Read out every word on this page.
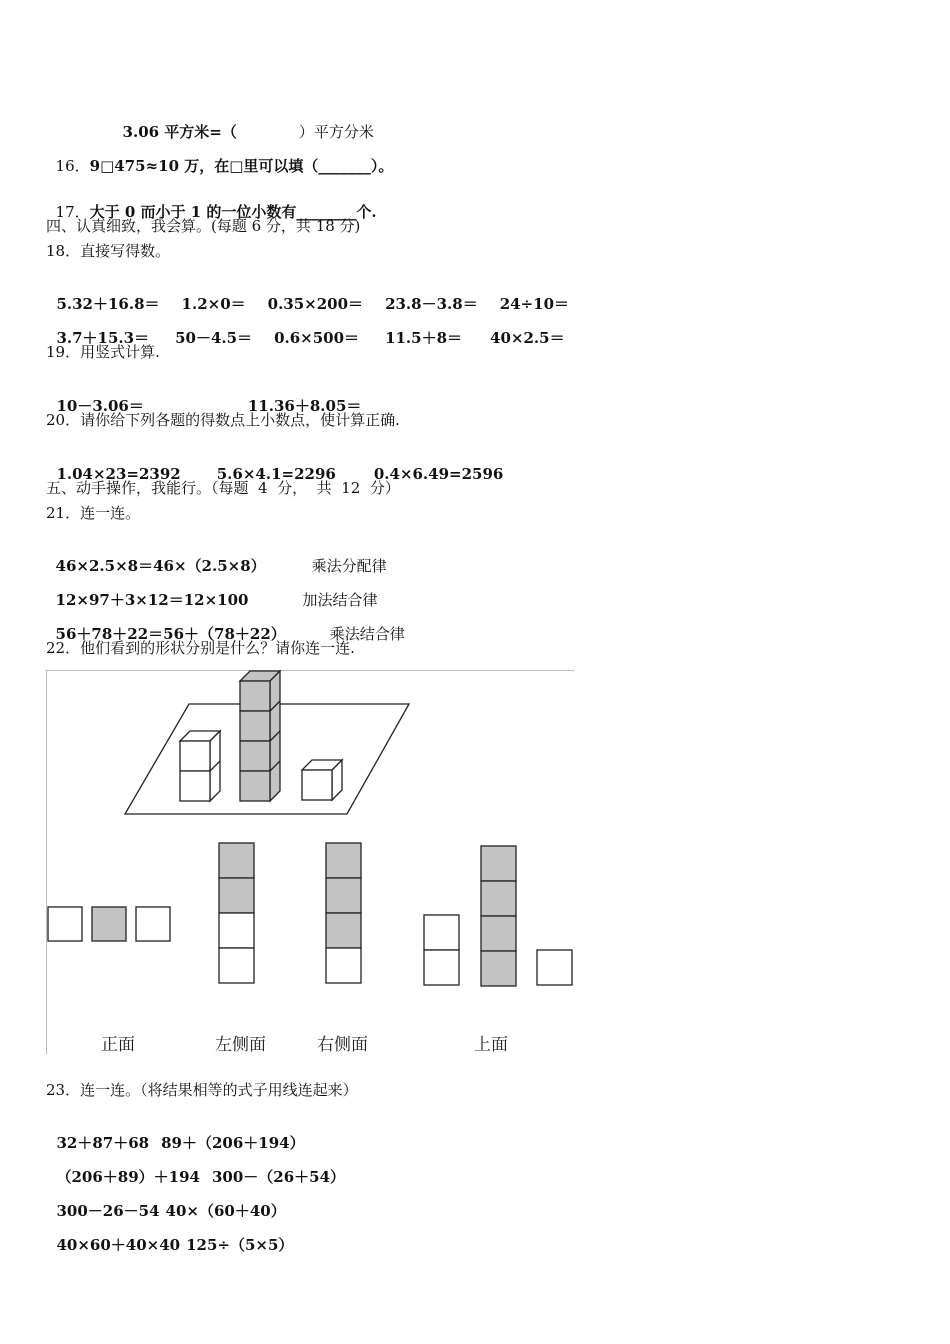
3.06 平方米=（	）平方分米

16．9□475≈10 万，在□里可以填（_______）。

17．大于 0 而小于 1 的一位小数有________个.

四、认真细致，我会算。(每题 6 分，共 18 分)
18．直接写得数。

5.32＋16.8＝ 1.2×0＝ 0.35×200＝ 23.8－3.8＝ 24÷10＝

3.7＋15.3＝ 50－4.5＝ 0.6×500＝ 11.5＋8＝ 40×2.5＝

19．用竖式计算.

10－3.06＝	11.36＋8.05＝

20．请你给下列各题的得数点上小数点，使计算正确.

1.04×23=2392 5.6×4.1=2296	0.4×6.49=2596

五、动手操作，我能行。（每题  4  分，  共  12  分）
21．连一连。

46×2.5×8＝46×（2.5×8）	乘法分配律

12×97＋3×12＝12×100	加法结合律

56＋78＋22＝56＋（78＋22）	乘法结合律

22．他们看到的形状分别是什么？请你连一连.
正面	左侧面	右侧面	上面
23．连一连。（将结果相等的式子用线连起来）

32＋87＋68 89＋（206＋194）

（206＋89）＋194 300－（26＋54）

300－26－54 40×（60＋40）

40×60＋40×40 125÷（5×5）
